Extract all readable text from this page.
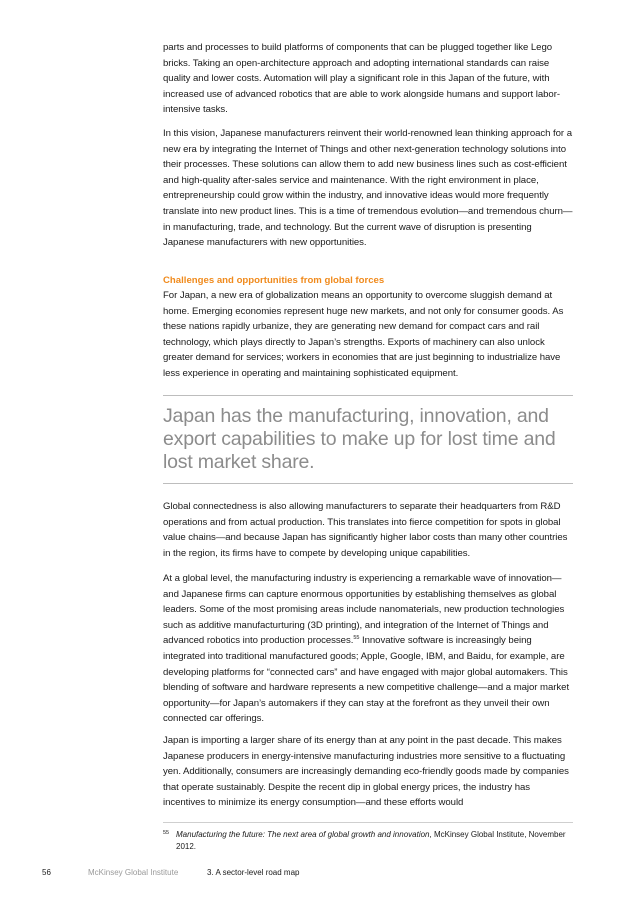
parts and processes to build platforms of components that can be plugged together like Lego bricks. Taking an open-architecture approach and adopting international standards can raise quality and lower costs. Automation will play a significant role in this Japan of the future, with increased use of advanced robotics that are able to work alongside humans and support labor-intensive tasks.

In this vision, Japanese manufacturers reinvent their world-renowned lean thinking approach for a new era by integrating the Internet of Things and other next-generation technology solutions into their processes. These solutions can allow them to add new business lines such as cost-efficient and high-quality after-sales service and maintenance. With the right environment in place, entrepreneurship could grow within the industry, and innovative ideas would more frequently translate into new product lines. This is a time of tremendous evolution—and tremendous churn—in manufacturing, trade, and technology. But the current wave of disruption is presenting Japanese manufacturers with new opportunities.

Challenges and opportunities from global forces

For Japan, a new era of globalization means an opportunity to overcome sluggish demand at home. Emerging economies represent huge new markets, and not only for consumer goods. As these nations rapidly urbanize, they are generating new demand for compact cars and rail technology, which plays directly to Japan’s strengths. Exports of machinery can also unlock greater demand for services; workers in economies that are just beginning to industrialize have less experience in operating and maintaining sophisticated equipment.

Japan has the manufacturing, innovation, and export capabilities to make up for lost time and lost market share.

Global connectedness is also allowing manufacturers to separate their headquarters from R&D operations and from actual production. This translates into fierce competition for spots in global value chains—and because Japan has significantly higher labor costs than many other countries in the region, its firms have to compete by developing unique capabilities.

At a global level, the manufacturing industry is experiencing a remarkable wave of innovation—and Japanese firms can capture enormous opportunities by establishing themselves as global leaders. Some of the most promising areas include nanomaterials, new production technologies such as additive manufacturturing (3D printing), and integration of the Internet of Things and advanced robotics into production processes.$^{55}$ Innovative software is increasingly being integrated into traditional manufactured goods; Apple, Google, IBM, and Baidu, for example, are developing platforms for “connected cars” and have engaged with major global automakers. This blending of software and hardware represents a new competitive challenge—and a major market opportunity—for Japan’s automakers if they can stay at the forefront as they unveil their own connected car offerings.

Japan is importing a larger share of its energy than at any point in the past decade. This makes Japanese producers in energy-intensive manufacturing industries more sensitive to a fluctuating yen. Additionally, consumers are increasingly demanding eco-friendly goods made by companies that operate sustainably. Despite the recent dip in global energy prices, the industry has incentives to minimize its energy consumption—and these efforts would

55 Manufacturing the future: The next area of global growth and innovation, McKinsey Global Institute, November 2012.
56	McKinsey Global Institute	3. A sector-level road map
